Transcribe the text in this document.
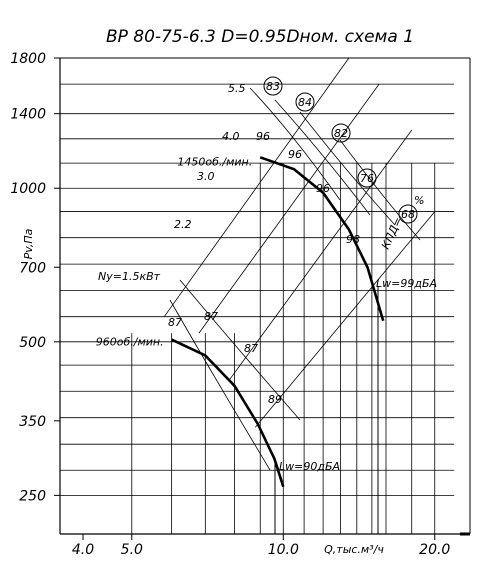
ВР 80-75-6.3 D=0.95Dном. схема 1
Pv,Па
Q,тыс.м³/ч
1800
1400
1000
700
500
350
250
4.0 5.0	10.0	20.0
1450об./мин.
960об./мин.
5.5
4.0
3.0
2.2
83
84
82
76
68
КПД=
%
96
96
96
98
87 87
87
89
Ny=1.5кВт
Lw=99дБА
Lw=90дБА
